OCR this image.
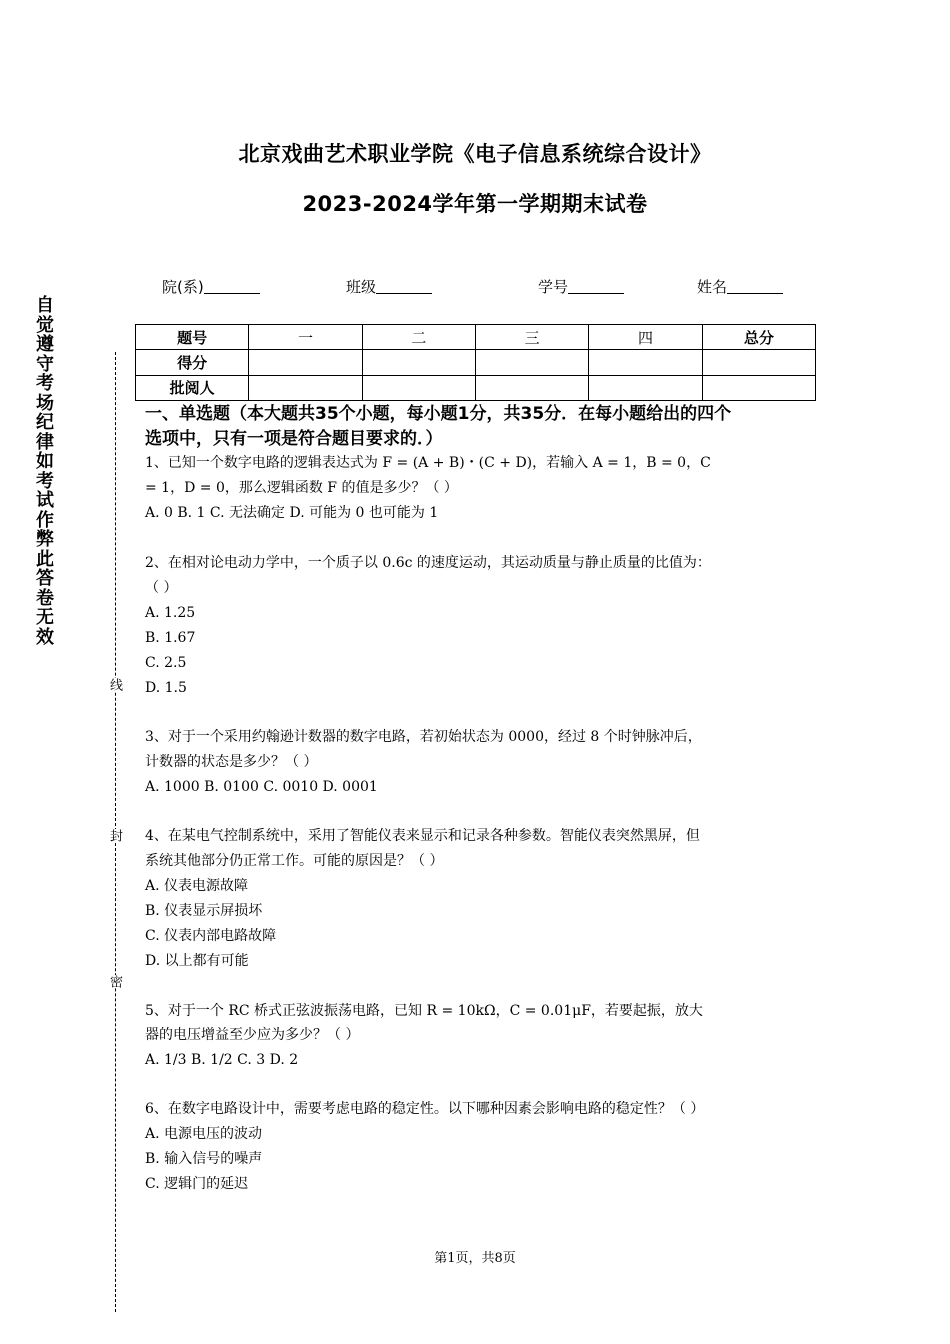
北京戏曲艺术职业学院《电子信息系统综合设计》
2023-2024学年第一学期期末试卷
院(系)	班级	学号	姓名
题号	一	二	三	四	总分
得分					
批阅人					
自觉遵守考场纪律如考试作弊此答卷无效
线
封
密
一、单选题（本大题共35个小题，每小题1分，共35分．在每小题给出的四个
选项中，只有一项是符合题目要求的．）
1、已知一个数字电路的逻辑表达式为 F = (A + B)・(C + D)，若输入 A = 1，B = 0，C
= 1，D = 0，那么逻辑函数 F 的值是多少？（ ）
A. 0 B. 1 C. 无法确定 D. 可能为 0 也可能为 1
2、在相对论电动力学中，一个质子以 0.6c 的速度运动，其运动质量与静止质量的比值为：
（ ）
A. 1.25
B. 1.67
C. 2.5
D. 1.5
3、对于一个采用约翰逊计数器的数字电路，若初始状态为 0000，经过 8 个时钟脉冲后，
计数器的状态是多少？（ ）
A. 1000 B. 0100 C. 0010 D. 0001
4、在某电气控制系统中，采用了智能仪表来显示和记录各种参数。智能仪表突然黑屏，但
系统其他部分仍正常工作。可能的原因是？（ ）
A. 仪表电源故障
B. 仪表显示屏损坏
C. 仪表内部电路故障
D. 以上都有可能
5、对于一个 RC 桥式正弦波振荡电路，已知 R = 10kΩ，C = 0.01μF，若要起振，放大
器的电压增益至少应为多少？（ ）
A. 1/3 B. 1/2 C. 3 D. 2
6、在数字电路设计中，需要考虑电路的稳定性。以下哪种因素会影响电路的稳定性？（ ）
A. 电源电压的波动
B. 输入信号的噪声
C. 逻辑门的延迟
第1页，共8页
